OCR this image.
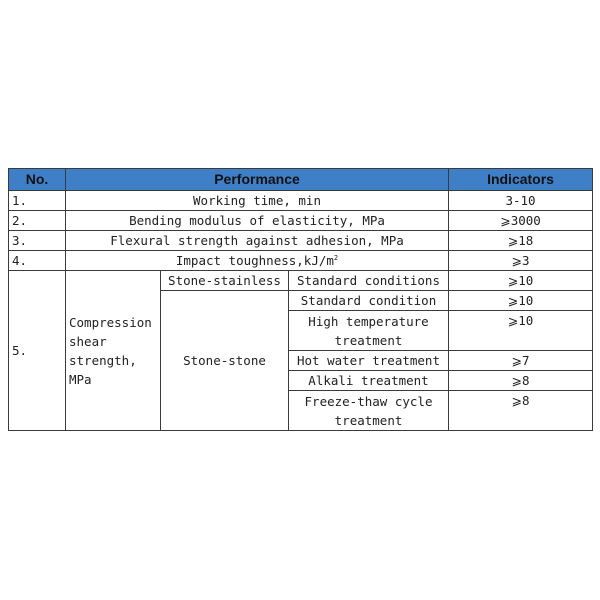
No.	Performance			Indicators
1.	Working time, min			3-10
2.	Bending modulus of elasticity, MPa			⩾3000
3.	Flexural strength against adhesion, MPa			⩾18
4.	Impact $toughness,kJ/m^2$			⩾3
5.	Compression shear strength, MPa	Stone-stainless	Standard conditions	⩾10
		Stone-stone	Standard condition	⩾10
			High temperature treatment	⩾10

			Hot water treatment	⩾7
			Alkali treatment	⩾8
			Freeze-thaw cycle treatment	⩾8
